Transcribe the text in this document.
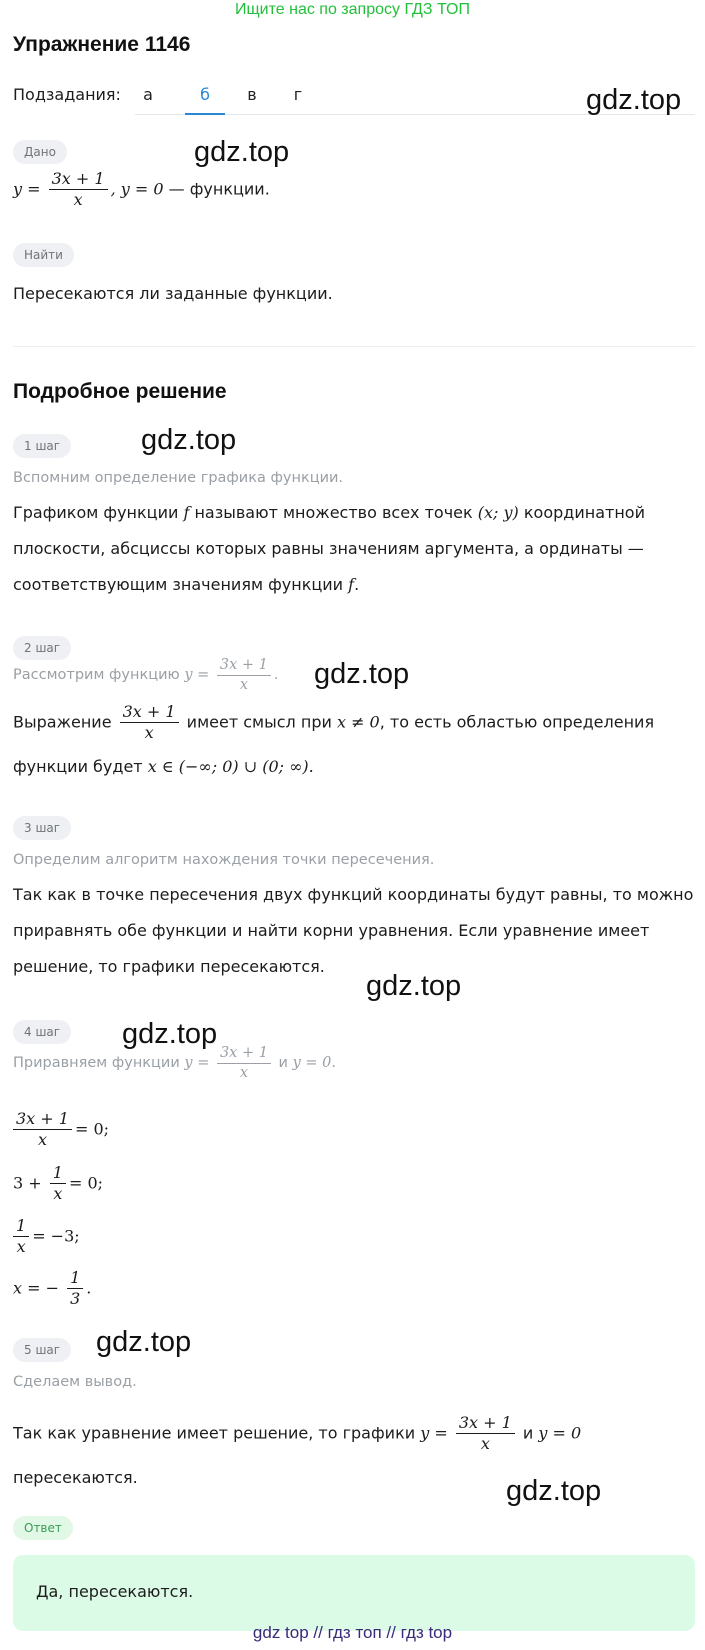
Ищите нас по запросу ГДЗ ТОП
Упражнение 1146
Подзадания:	а	б	в	г	gdz.top
gdz.top
gdz.top
gdz.top
gdz.top
gdz.top
gdz.top
gdz.top
Дано
$y = \frac{3x + 1}{x}$ , y = 0 — функции.
Найти
Пересекаются ли заданные функции.
Подробное решение
1 шаг
Вспомним определение графика функции.
Графиком функции f называют множество всех точек (x; y) координатной
плоскости, абсциссы которых равны значениям аргумента, а ординаты —
соответствующим значениям функции f.
2 шаг
Рассмотрим функцию $y = \frac{3x + 1}{x}$ .
Выражение $\frac{3x + 1}{x}$ имеет смысл при x ≠ 0, то есть областью определения
функции будет x ∈ (−∞; 0) ∪ (0; ∞).
3 шаг
Определим алгоритм нахождения точки пересечения.
Так как в точке пересечения двух функций координаты будут равны, то можно
приравнять обе функции и найти корни уравнения. Если уравнение имеет
решение, то графики пересекаются.
4 шаг
Приравняем функции $y = \frac{3x + 1}{x}$ и y = 0.
$\frac{3x + 1}{x} = 0$;
$3 + \frac{1}{x} = 0$;
$\frac{1}{x} = -3$;
x = − $\frac{1}{3}$ .
5 шаг
Сделаем вывод.
Так как уравнение имеет решение, то графики $y = \frac{3x + 1}{x}$ и y = 0
пересекаются.
Ответ
Да, пересекаются.
gdz top // гдз топ // гдз top
